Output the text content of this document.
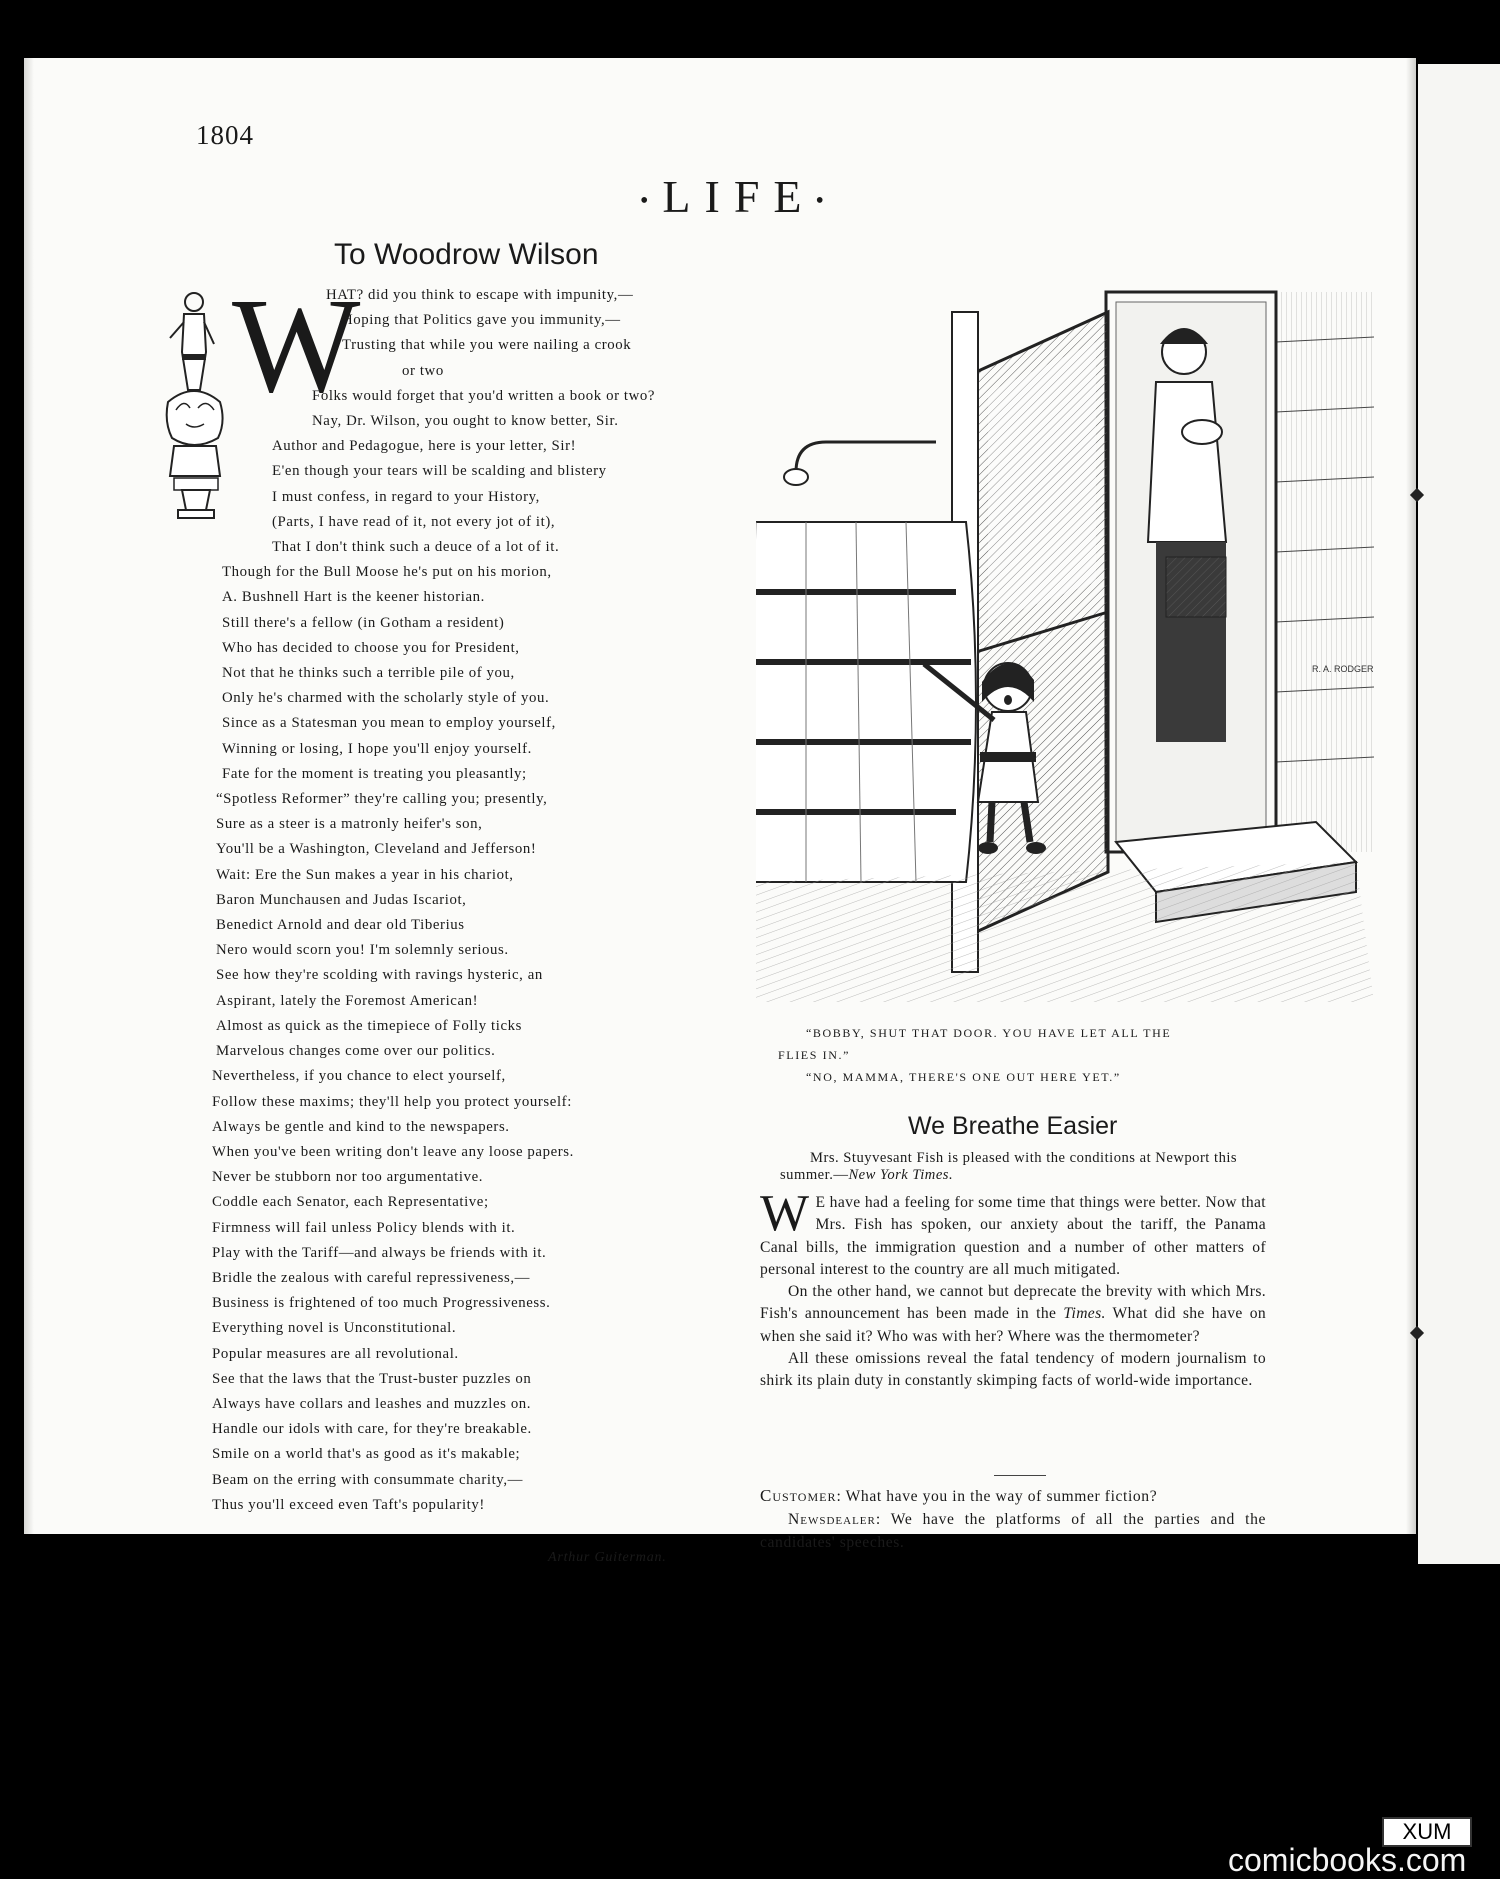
1804
•LIFE•
To Woodrow Wilson
W
HAT? did you think to escape with impunity,—
Hoping that Politics gave you immunity,—
Trusting that while you were nailing a crook
or two
Folks would forget that you'd written a book or two?
Nay, Dr. Wilson, you ought to know better, Sir.
Author and Pedagogue, here is your letter, Sir!
E'en though your tears will be scalding and blistery
I must confess, in regard to your History,
(Parts, I have read of it, not every jot of it),
That I don't think such a deuce of a lot of it.
Though for the Bull Moose he's put on his morion,
A. Bushnell Hart is the keener historian.
Still there's a fellow (in Gotham a resident)
Who has decided to choose you for President,
Not that he thinks such a terrible pile of you,
Only he's charmed with the scholarly style of you.
Since as a Statesman you mean to employ yourself,
Winning or losing, I hope you'll enjoy yourself.
Fate for the moment is treating you pleasantly;
“Spotless Reformer” they're calling you; presently,
Sure as a steer is a matronly heifer's son,
You'll be a Washington, Cleveland and Jefferson!
Wait: Ere the Sun makes a year in his chariot,
Baron Munchausen and Judas Iscariot,
Benedict Arnold and dear old Tiberius
Nero would scorn you! I'm solemnly serious.
See how they're scolding with ravings hysteric, an
Aspirant, lately the Foremost American!
Almost as quick as the timepiece of Folly ticks
Marvelous changes come over our politics.
Nevertheless, if you chance to elect yourself,
Follow these maxims; they'll help you protect yourself:
Always be gentle and kind to the newspapers.
When you've been writing don't leave any loose papers.
Never be stubborn nor too argumentative.
Coddle each Senator, each Representative;
Firmness will fail unless Policy blends with it.
Play with the Tariff—and always be friends with it.
Bridle the zealous with careful repressiveness,—
Business is frightened of too much Progressiveness.
Everything novel is Unconstitutional.
Popular measures are all revolutional.
See that the laws that the Trust-buster puzzles on
Always have collars and leashes and muzzles on.
Handle our idols with care, for they're breakable.
Smile on a world that's as good as it's makable;
Beam on the erring with consummate charity,—
Thus you'll exceed even Taft's popularity!
Arthur Guiterman.
R. A. RODGER
“BOBBY, SHUT THAT DOOR. YOU HAVE LET ALL THE
FLIES IN.”
“NO, MAMMA, THERE'S ONE OUT HERE YET.”
We Breathe Easier
Mrs. Stuyvesant Fish is pleased with the conditions at Newport this summer.—New York Times.

W E have had a feeling for some time that things were better. Now that Mrs. Fish has spoken, our anxiety about the tariff, the Panama Canal bills, the immigration question and a number of other matters of personal interest to the country are all much mitigated.

On the other hand, we cannot but deprecate the brevity with which Mrs. Fish's announcement has been made in the Times. What did she have on when she said it? Who was with her? Where was the thermometer?

All these omissions reveal the fatal tendency of modern journalism to shirk its plain duty in constantly skimping facts of world-wide importance.

Customer: What have you in the way of summer fiction?

Newsdealer: We have the platforms of all the parties and the candidates' speeches.

XUM
comicbooks.com
